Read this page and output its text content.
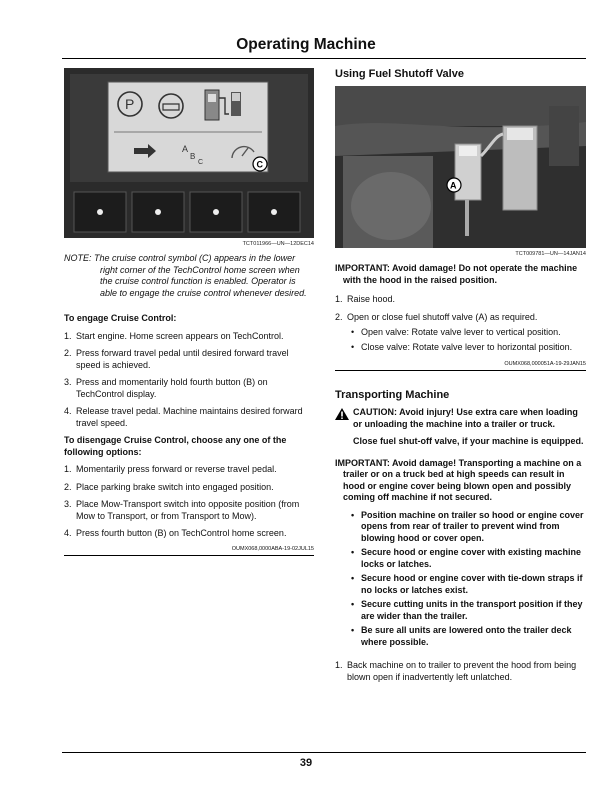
Operating Machine
P
A
B
C	C
TCT011966—UN—12DEC14

NOTE: The cruise control symbol (C) appears in the lower right corner of the TechControl home screen when the cruise control function is enabled. Operator is able to engage the cruise control whenever desired.

To engage Cruise Control:

1. Start engine. Home screen appears on TechControl.
2. Press forward travel pedal until desired forward travel speed is achieved.
3. Press and momentarily hold fourth button (B) on TechControl display.
4. Release travel pedal. Machine maintains desired forward travel speed.

To disengage Cruise Control, choose any one of the following options:

1. Momentarily press forward or reverse travel pedal.
2. Place parking brake switch into engaged position.
3. Place Mow-Transport switch into opposite position (from Mow to Transport, or from Transport to Mow).
4. Press fourth button (B) on TechControl home screen.
OUMX068,0000ABA-19-02JUL15
Using Fuel Shutoff Valve
A
TCT009781—UN—14JAN14

IMPORTANT: Avoid damage! Do not operate the machine with the hood in the raised position.

1. Raise hood.
2. Open or close fuel shutoff valve (A) as required.
• Open valve: Rotate valve lever to vertical position.
• Close valve: Rotate valve lever to horizontal position.
OUMX068,000051A-19-29JAN15
Transporting Machine

CAUTION: Avoid injury! Use extra care when loading or unloading the machine into a trailer or truck.

Close fuel shut-off valve, if your machine is equipped.

IMPORTANT: Avoid damage! Transporting a machine on a trailer or on a truck bed at high speeds can result in hood or engine cover being blown open and possibly coming off machine if not secured.

• Position machine on trailer so hood or engine cover opens from rear of trailer to prevent wind from blowing hood or cover open.
• Secure hood or engine cover with existing machine locks or latches.
• Secure hood or engine cover with tie-down straps if no locks or latches exist.
• Secure cutting units in the transport position if they are wider than the trailer.
• Be sure all units are lowered onto the trailer deck where possible.
1. Back machine on to trailer to prevent the hood from being blown open if inadvertently left unlatched.
39
